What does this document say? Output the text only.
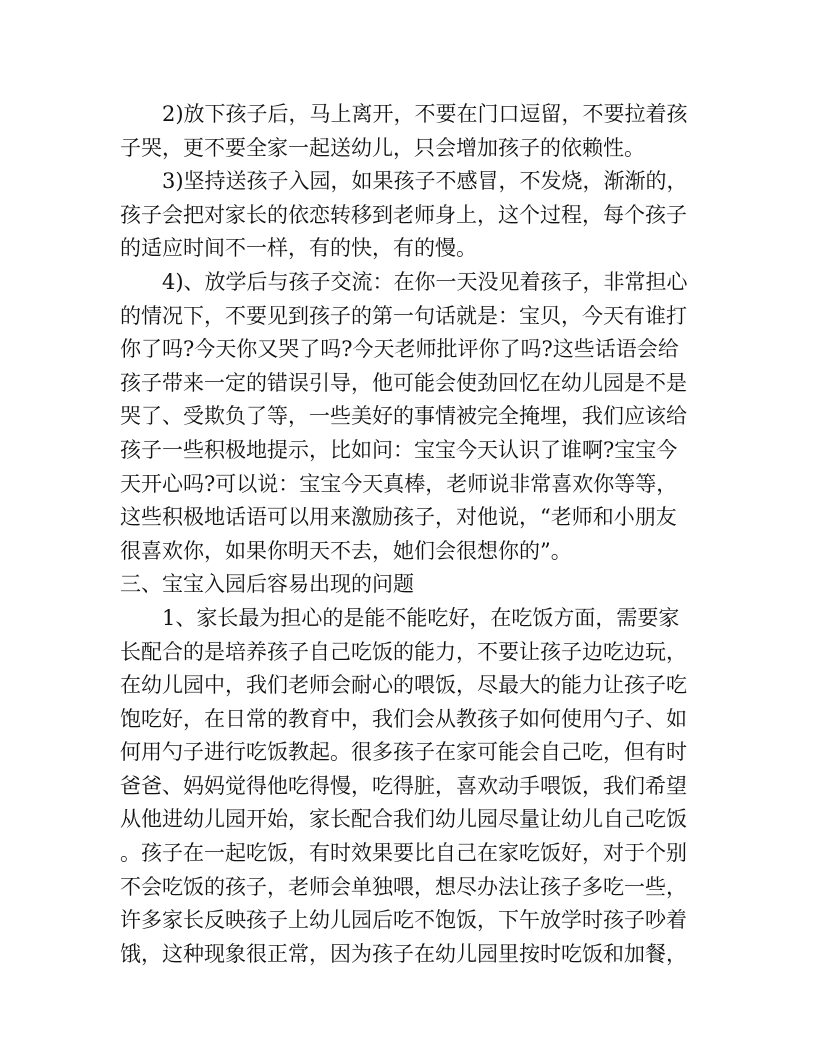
2)放下孩子后，马上离开，不要在门口逗留，不要拉着孩
子哭，更不要全家一起送幼儿，只会增加孩子的依赖性。
3)坚持送孩子入园，如果孩子不感冒，不发烧，渐渐的，
孩子会把对家长的依恋转移到老师身上，这个过程，每个孩子
的适应时间不一样，有的快，有的慢。
4)、放学后与孩子交流：在你一天没见着孩子，非常担心
的情况下，不要见到孩子的第一句话就是：宝贝，今天有谁打
你了吗?今天你又哭了吗?今天老师批评你了吗?这些话语会给
孩子带来一定的错误引导，他可能会使劲回忆在幼儿园是不是
哭了、受欺负了等，一些美好的事情被完全掩埋，我们应该给
孩子一些积极地提示，比如问：宝宝今天认识了谁啊?宝宝今
天开心吗?可以说：宝宝今天真棒，老师说非常喜欢你等等，
这些积极地话语可以用来激励孩子，对他说，“老师和小朋友
很喜欢你，如果你明天不去，她们会很想你的”。
三、宝宝入园后容易出现的问题
1、家长最为担心的是能不能吃好，在吃饭方面，需要家
长配合的是培养孩子自己吃饭的能力，不要让孩子边吃边玩，
在幼儿园中，我们老师会耐心的喂饭，尽最大的能力让孩子吃
饱吃好，在日常的教育中，我们会从教孩子如何使用勺子、如
何用勺子进行吃饭教起。很多孩子在家可能会自己吃，但有时
爸爸、妈妈觉得他吃得慢，吃得脏，喜欢动手喂饭，我们希望
从他进幼儿园开始，家长配合我们幼儿园尽量让幼儿自己吃饭
。孩子在一起吃饭，有时效果要比自己在家吃饭好，对于个别
不会吃饭的孩子，老师会单独喂，想尽办法让孩子多吃一些，
许多家长反映孩子上幼儿园后吃不饱饭，下午放学时孩子吵着
饿，这种现象很正常，因为孩子在幼儿园里按时吃饭和加餐，
